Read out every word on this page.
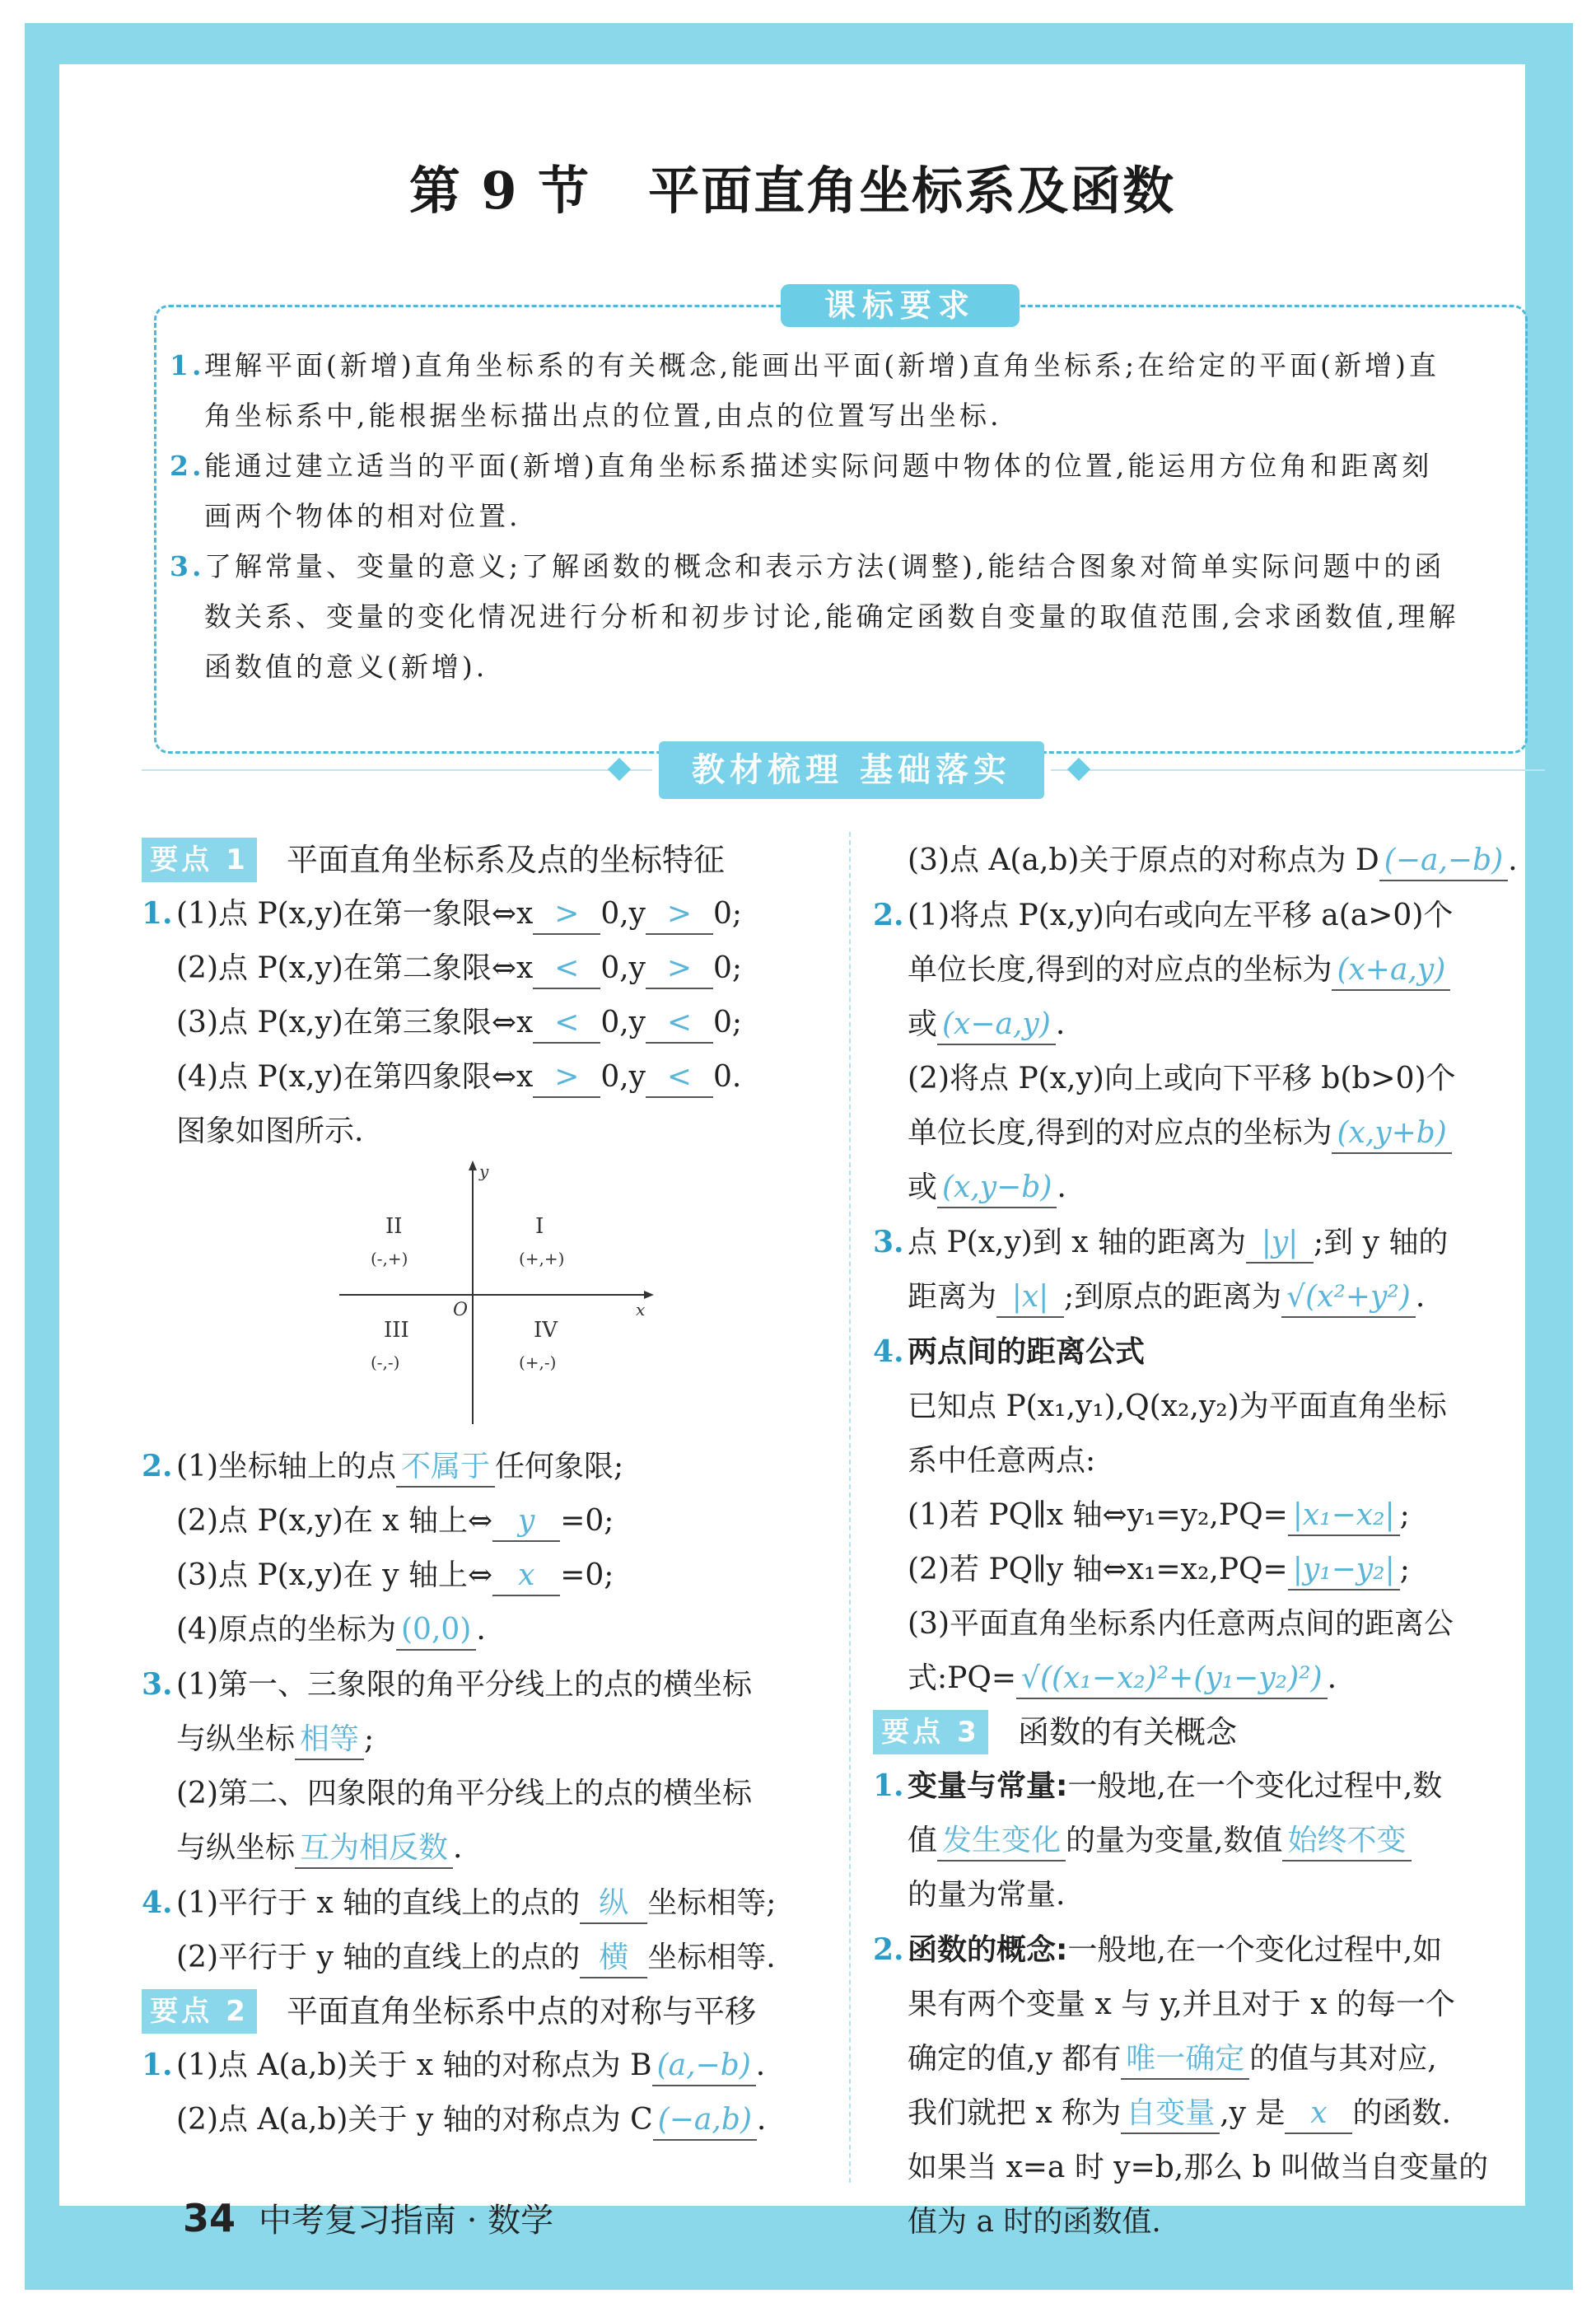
第 9 节 平面直角坐标系及函数
课标要求
1. 理解平面(新增)直角坐标系的有关概念,能画出平面(新增)直角坐标系;在给定的平面(新增)直
角坐标系中,能根据坐标描出点的位置,由点的位置写出坐标.
2. 能通过建立适当的平面(新增)直角坐标系描述实际问题中物体的位置,能运用方位角和距离刻
画两个物体的相对位置.
3. 了解常量、变量的意义;了解函数的概念和表示方法(调整),能结合图象对简单实际问题中的函
数关系、变量的变化情况进行分析和初步讨论,能确定函数自变量的取值范围,会求函数值,理解
函数值的意义(新增).
教材梳理 基础落实
要点 1 平面直角坐标系及点的坐标特征
1. (1)点 P(x,y)在第一象限⇔x > 0,y > 0;
(2)点 P(x,y)在第二象限⇔x < 0,y > 0;
(3)点 P(x,y)在第三象限⇔x < 0,y < 0;
(4)点 P(x,y)在第四象限⇔x > 0,y < 0.
图象如图所示.
y
x
O
I
(+,+)
II
(-,+)
III
(-,-)
IV
(+,-)
2. (1)坐标轴上的点 不属于 任何象限;
(2)点 P(x,y)在 x 轴上⇔ y =0;
(3)点 P(x,y)在 y 轴上⇔ x =0;
(4)原点的坐标为 (0,0) .
3. (1)第一、三象限的角平分线上的点的横坐标
与纵坐标 相等 ;
(2)第二、四象限的角平分线上的点的横坐标
与纵坐标 互为相反数 .
4. (1)平行于 x 轴的直线上的点的 纵 坐标相等;
(2)平行于 y 轴的直线上的点的 横 坐标相等.
要点 2 平面直角坐标系中点的对称与平移
1. (1)点 A(a,b)关于 x 轴的对称点为 B (a,−b) .
(2)点 A(a,b)关于 y 轴的对称点为 C (−a,b) .
(3)点 A(a,b)关于原点的对称点为 D (−a,−b) .
2. (1)将点 P(x,y)向右或向左平移 a(a>0)个
单位长度,得到的对应点的坐标为 (x+a,y)
或 (x−a,y) .
(2)将点 P(x,y)向上或向下平移 b(b>0)个
单位长度,得到的对应点的坐标为 (x,y+b)
或 (x,y−b) .
3. 点 P(x,y)到 x 轴的距离为 |y| ;到 y 轴的
距离为 |x| ;到原点的距离为 √(x²+y²) .
4. 两点间的距离公式
已知点 P(x₁,y₁),Q(x₂,y₂)为平面直角坐标
系中任意两点:
(1)若 PQ∥x 轴⇔y₁=y₂,PQ= |x₁−x₂| ;
(2)若 PQ∥y 轴⇔x₁=x₂,PQ= |y₁−y₂| ;
(3)平面直角坐标系内任意两点间的距离公
式:PQ= √((x₁−x₂)²+(y₁−y₂)²) .
要点 3 函数的有关概念
1. 变量与常量:一般地,在一个变化过程中,数
值 发生变化 的量为变量,数值 始终不变
的量为常量.
2. 函数的概念:一般地,在一个变化过程中,如
果有两个变量 x 与 y,并且对于 x 的每一个
确定的值,y 都有 唯一确定 的值与其对应,
我们就把 x 称为 自变量 ,y 是 x 的函数.
如果当 x=a 时 y=b,那么 b 叫做当自变量的
值为 a 时的函数值.
34 中考复习指南 · 数学
